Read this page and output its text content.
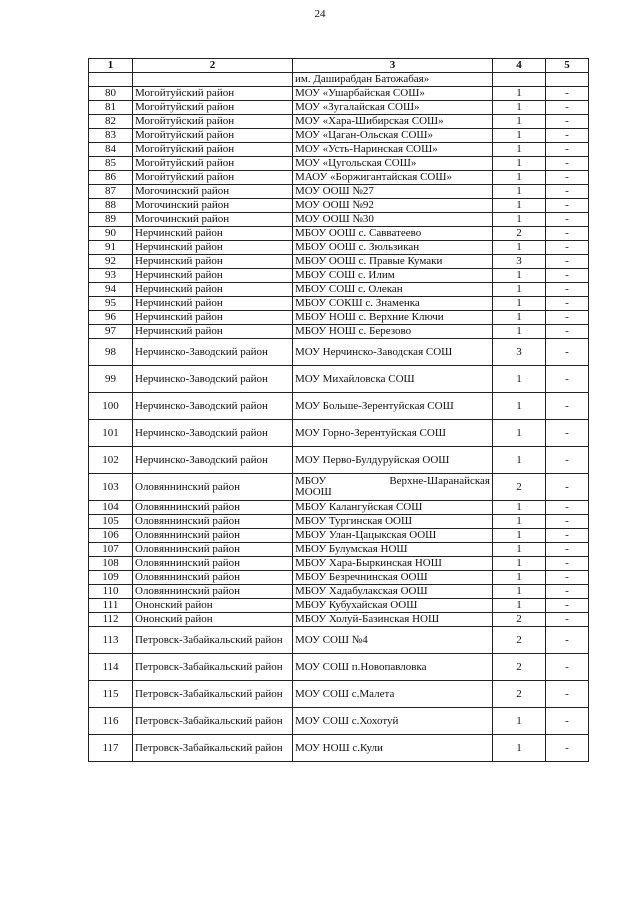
24
1	2	3	4	5
		им. Даширабдан Батожабая»		
80	Могойтуйский район	МОУ «Ушарбайская СОШ»	1	-
81	Могойтуйский район	МОУ «Зугалайская СОШ»	1	-
82	Могойтуйский район	МОУ «Хара-Шибирская СОШ»	1	-
83	Могойтуйский район	МОУ «Цаган-Ольская СОШ»	1	-
84	Могойтуйский район	МОУ «Усть-Наринская СОШ»	1	-
85	Могойтуйский район	МОУ «Цугольская СОШ»	1	-
86	Могойтуйский район	МАОУ «Боржигантайская СОШ»	1	-
87	Могочинский район	МОУ ООШ №27	1	-
88	Могочинский район	МОУ ООШ №92	1	-
89	Могочинский район	МОУ ООШ №30	1	-
90	Нерчинский район	МБОУ ООШ с. Савватеево	2	-
91	Нерчинский район	МБОУ ООШ с. Зюльзикан	1	-
92	Нерчинский район	МБОУ ООШ с. Правые Кумаки	3	-
93	Нерчинский район	МБОУ СОШ с. Илим	1	-
94	Нерчинский район	МБОУ СОШ с. Олекан	1	-
95	Нерчинский район	МБОУ СОКШ с. Знаменка	1	-
96	Нерчинский район	МБОУ НОШ с. Верхние Ключи	1	-
97	Нерчинский район	МБОУ НОШ с. Березово	1	-
98	Нерчинско-Заводский район	МОУ Нерчинско-Заводская СОШ	3	-
99	Нерчинско-Заводский район	МОУ Михайловска СОШ	1	-
100	Нерчинско-Заводский район	МОУ Больше-Зерентуйская СОШ	1	-
101	Нерчинско-Заводский район	МОУ Горно-Зерентуйская СОШ	1	-
102	Нерчинско-Заводский район	МОУ Перво-Булдуруйская ООШ	1	-
103	Оловяннинский район	МБОУ Верхне-Шаранайская
МООШ	2	-
104	Оловяннинский район	МБОУ Калангуйская СОШ	1	-
105	Оловяннинский район	МБОУ Тургинская ООШ	1	-
106	Оловяннинский район	МБОУ Улан-Цацыкская ООШ	1	-
107	Оловяннинский район	МБОУ Булумская НОШ	1	-
108	Оловяннинский район	МБОУ Хара-Быркинская НОШ	1	-
109	Оловяннинский район	МБОУ Безречнинская ООШ	1	-
110	Оловяннинский район	МБОУ Хадабулакская ООШ	1	-
111	Ононский район	МБОУ Кубухайская ООШ	1	-
112	Ононский район	МБОУ Холуй-Базинская НОШ	2	-
113	Петровск-Забайкальский район	МОУ СОШ №4	2	-
114	Петровск-Забайкальский район	МОУ СОШ п.Новопавловка	2	-
115	Петровск-Забайкальский район	МОУ СОШ с.Малета	2	-
116	Петровск-Забайкальский район	МОУ СОШ с.Хохотуй	1	-
117	Петровск-Забайкальский район	МОУ НОШ с.Кули	1	-
